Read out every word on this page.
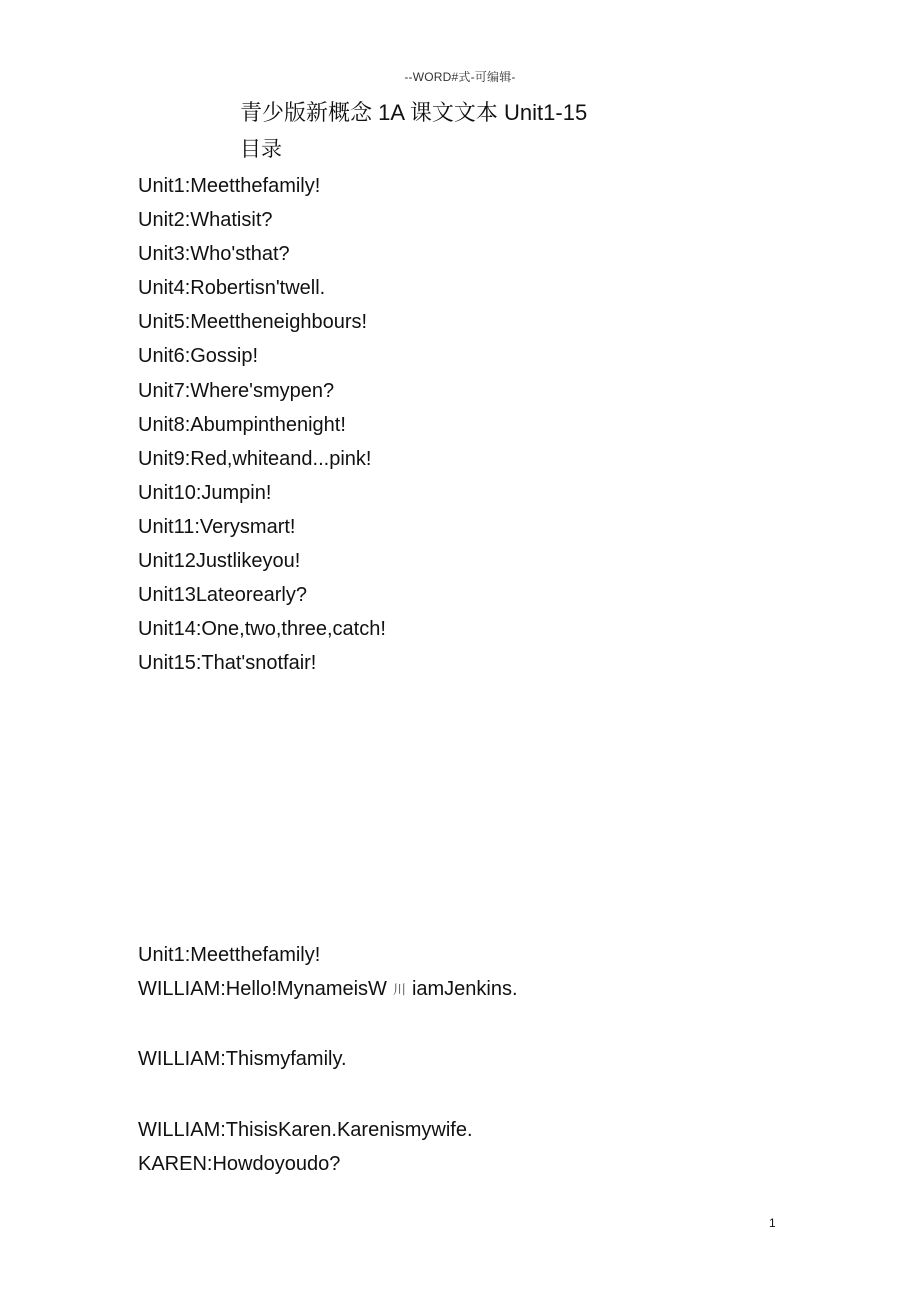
--WORD#式-可编辑-
青少版新概念 1A 课文文本 Unit1-15
目录
Unit1:Meetthefamily!
Unit2:Whatisit?
Unit3:Who'sthat?
Unit4:Robertisn'twell.
Unit5:Meettheneighbours!
Unit6:Gossip!
Unit7:Where'smypen?
Unit8:Abumpinthenight!
Unit9:Red,whiteand...pink!
Unit10:Jumpin!
Unit11:Verysmart!
Unit12Justlikeyou!
Unit13Lateorearly?
Unit14:One,two,three,catch!
Unit15:That'snotfair!
Unit1:Meetthefamily!
WILLIAM:Hello!MynameisW 川 iamJenkins.
WILLIAM:Thismyfamily.
WILLIAM:ThisisKaren.Karenismywife.
KAREN:Howdoyoudo?
1
